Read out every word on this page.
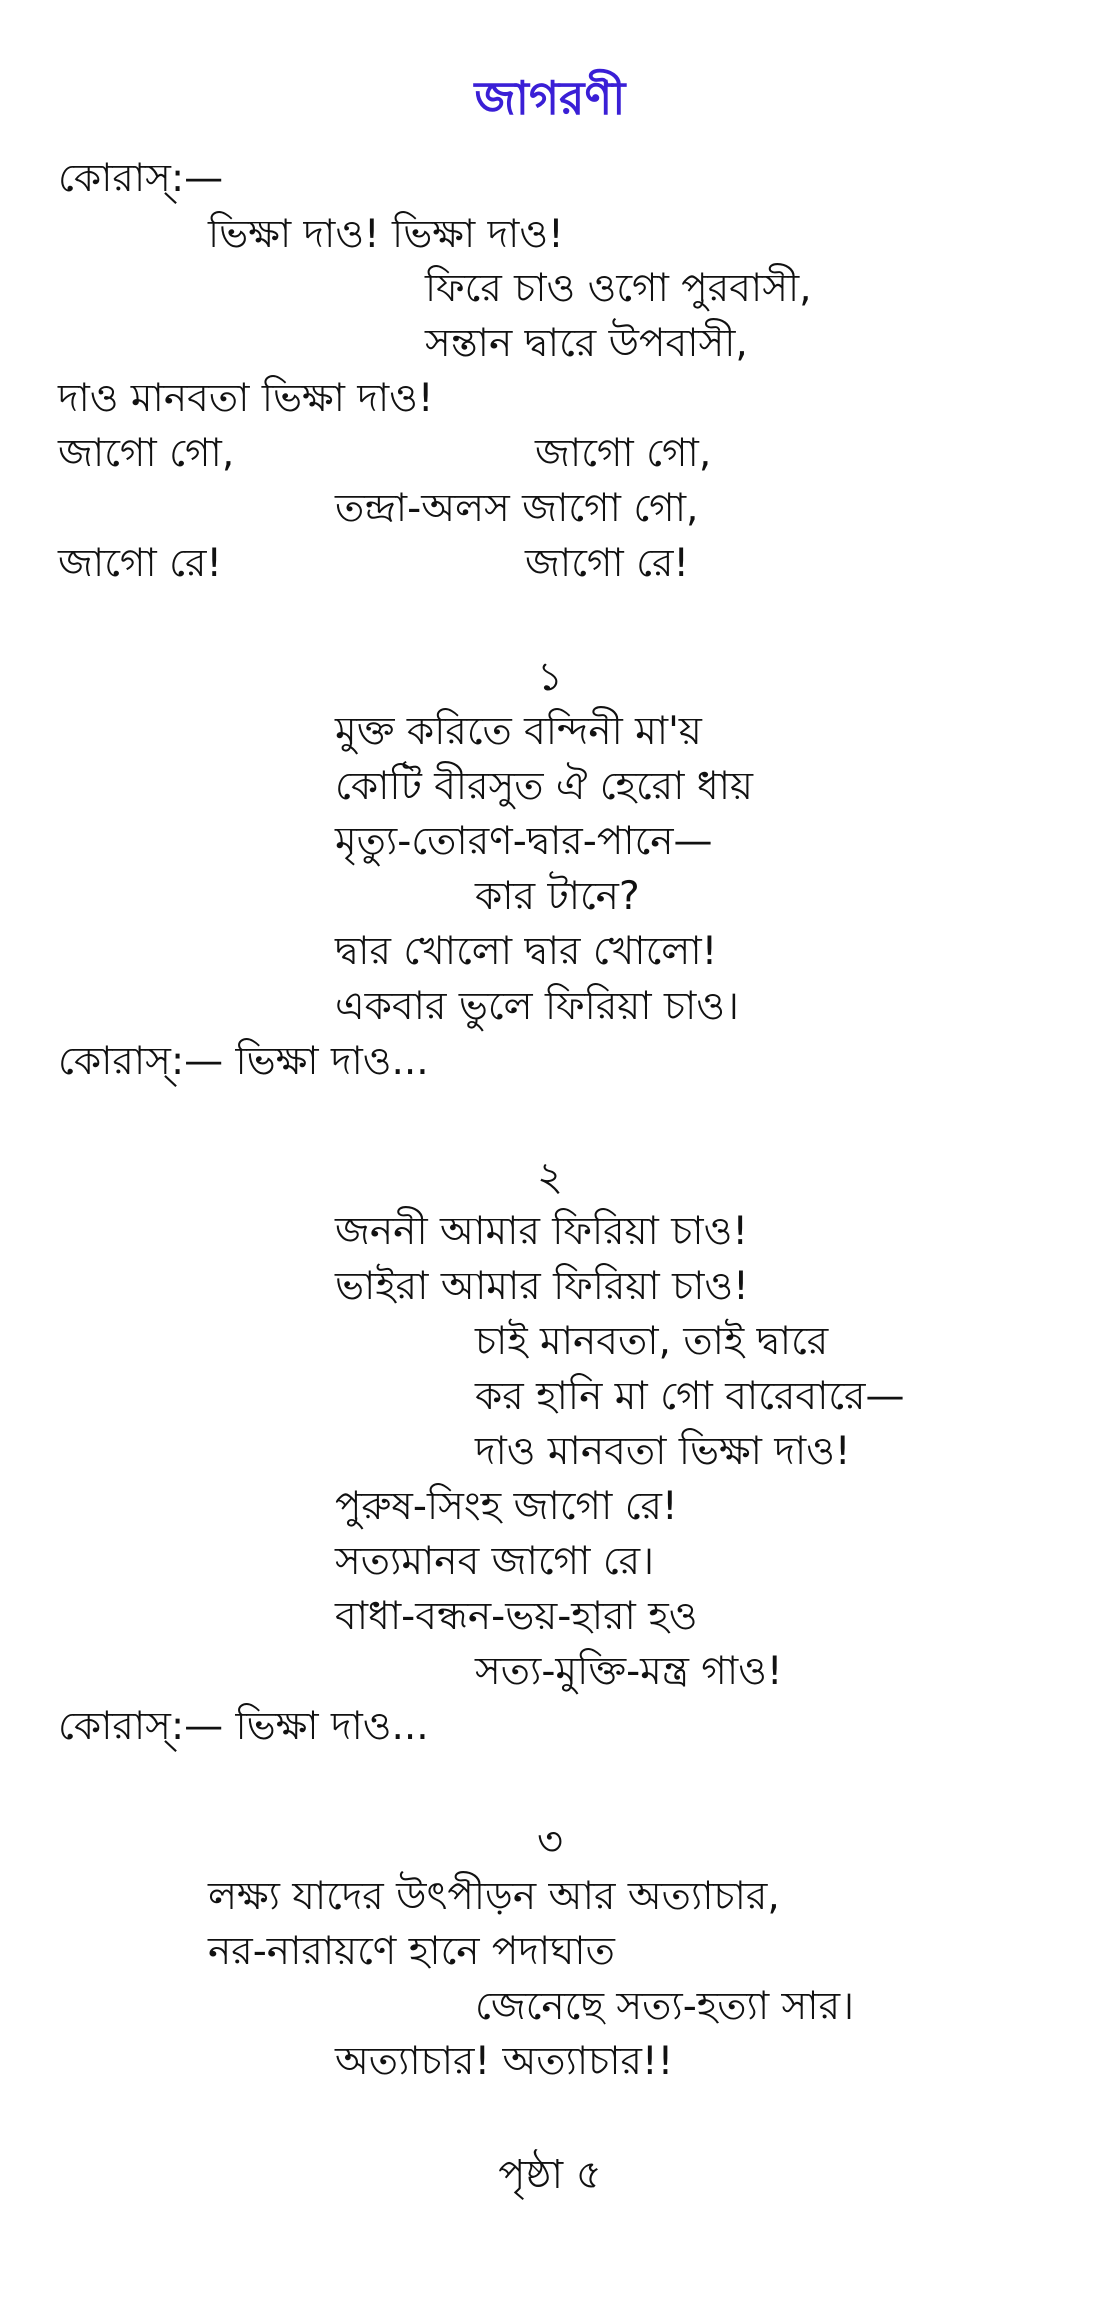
জাগরণী
কোরাস্:—
ভিক্ষা দাও! ভিক্ষা দাও!
ফিরে চাও ওগো পুরবাসী,
সন্তান দ্বারে উপবাসী,
দাও মানবতা ভিক্ষা দাও!
জাগো গো,	জাগো গো,
তন্দ্রা-অলস জাগো গো,
জাগো রে!	জাগো রে!
১
মুক্ত করিতে বন্দিনী মা'য়
কোটি বীরসুত ঐ হেরো ধায়
মৃত্যু-তোরণ-দ্বার-পানে—
কার টানে?
দ্বার খোলো দ্বার খোলো!
একবার ভুলে ফিরিয়া চাও।
কোরাস্:— ভিক্ষা দাও...
২
জননী আমার ফিরিয়া চাও!
ভাইরা আমার ফিরিয়া চাও!
চাই মানবতা, তাই দ্বারে
কর হানি মা গো বারেবারে—
দাও মানবতা ভিক্ষা দাও!
পুরুষ-সিংহ জাগো রে!
সত্যমানব জাগো রে।
বাধা-বন্ধন-ভয়-হারা হও
সত্য-মুক্তি-মন্ত্র গাও!
কোরাস্:— ভিক্ষা দাও...
৩
লক্ষ্য যাদের উৎপীড়ন আর অত্যাচার,
নর-নারায়ণে হানে পদাঘাত
জেনেছে সত্য-হত্যা সার।
অত্যাচার! অত্যাচার!!
পৃষ্ঠা ৫
